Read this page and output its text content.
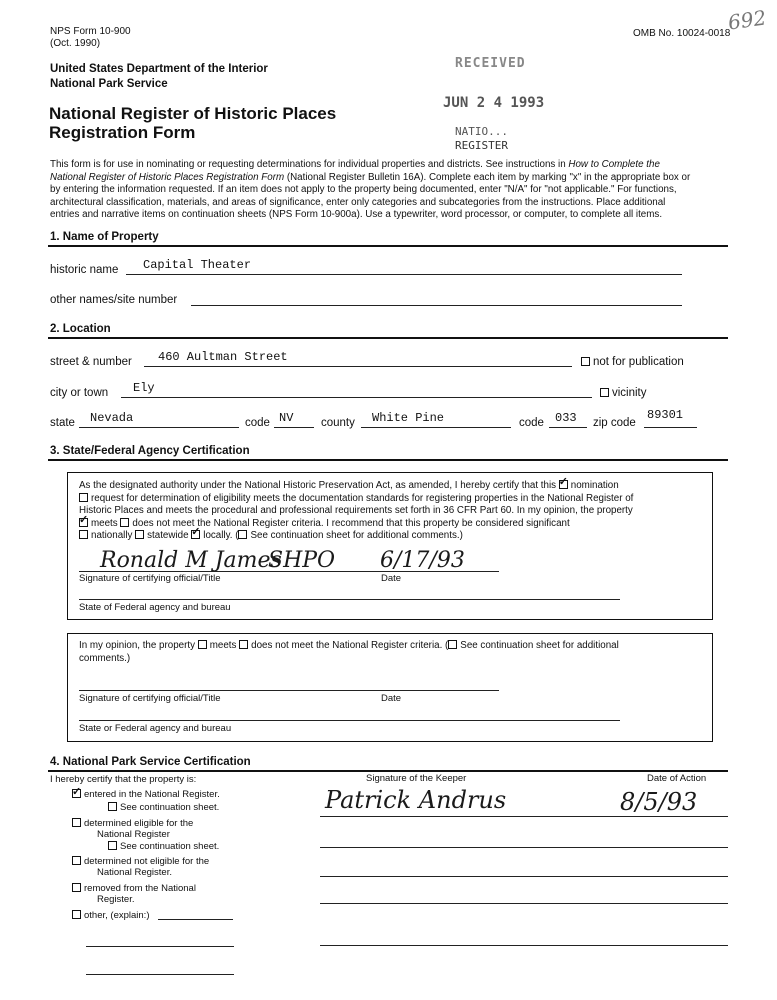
NPS Form 10-900
(Oct. 1990)
OMB No. 10024-0018
692
United States Department of the Interior
National Park Service
National Register of Historic Places
Registration Form
RECEIVED
JUN 2 4 1993
NATIO...
REGISTER
This form is for use in nominating or requesting determinations for individual properties and districts. See instructions in How to Complete the
National Register of Historic Places Registration Form (National Register Bulletin 16A). Complete each item by marking "x" in the appropriate box or
by entering the information requested. If an item does not apply to the property being documented, enter "N/A" for "not applicable." For functions,
architectural classification, materials, and areas of significance, enter only categories and subcategories from the instructions. Place additional
entries and narrative items on continuation sheets (NPS Form 10-900a). Use a typewriter, word processor, or computer, to complete all items.
1. Name of Property
historic name Capital Theater
other names/site number
2. Location
street & number 460 Aultman Street	not for publication
city or town Ely	vicinity
state Nevada	code NV county White Pine	code 033 zip code
89301
3. State/Federal Agency Certification
As the designated authority under the National Historic Preservation Act, as amended, I hereby certify that this ✓ nomination
request for determination of eligibility meets the documentation standards for registering properties in the National Register of
Historic Places and meets the procedural and professional requirements set forth in 36 CFR Part 60. In my opinion, the property
✓meets does not meet the National Register criteria. I recommend that this property be considered significant
nationally statewide ✓ locally. ( See continuation sheet for additional comments.)
Ronald M James
SHPO 6/17/93
Signature of certifying official/Title	Date
State of Federal agency and bureau
In my opinion, the property meets does not meet the National Register criteria. ( See continuation sheet for additional
comments.)
Signature of certifying official/Title	Date
State or Federal agency and bureau
4. National Park Service Certification
I hereby certify that the property is:	Signature of the Keeper	Date of Action
✓entered in the National Register.
See continuation sheet.
determined eligible for the
National Register
See continuation sheet.
determined not eligible for the
National Register.
removed from the National
Register.
other, (explain:)
Patrick Andrus	8/5/93
